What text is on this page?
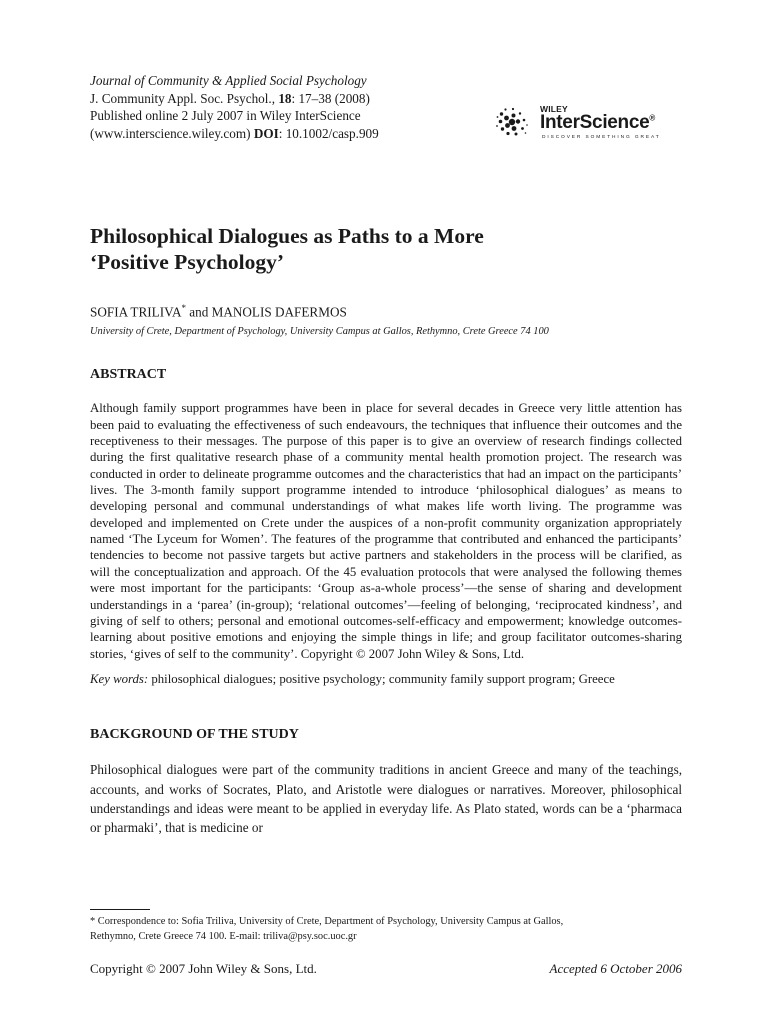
Journal of Community & Applied Social Psychology
J. Community Appl. Soc. Psychol., 18: 17–38 (2008)
Published online 2 July 2007 in Wiley InterScience
(www.interscience.wiley.com) DOI: 10.1002/casp.909
WILEY
InterScience®
DISCOVER SOMETHING GREAT
Philosophical Dialogues as Paths to a More
‘Positive Psychology’
SOFIA TRILIVA* and MANOLIS DAFERMOS
University of Crete, Department of Psychology, University Campus at Gallos, Rethymno, Crete Greece 74 100
ABSTRACT

Although family support programmes have been in place for several decades in Greece very little attention has been paid to evaluating the effectiveness of such endeavours, the techniques that influence their outcomes and the receptiveness to their messages. The purpose of this paper is to give an overview of research findings collected during the first qualitative research phase of a community mental health promotion project. The research was conducted in order to delineate programme outcomes and the characteristics that had an impact on the participants’ lives. The 3-month family support programme intended to introduce ‘philosophical dialogues’ as means to developing personal and communal understandings of what makes life worth living. The programme was developed and implemented on Crete under the auspices of a non-profit community organization appropriately named ‘The Lyceum for Women’. The features of the programme that contributed and enhanced the participants’ tendencies to become not passive targets but active partners and stakeholders in the process will be clarified, as will the conceptualization and approach. Of the 45 evaluation protocols that were analysed the following themes were most important for the participants: ‘Group as-a-whole process’—the sense of sharing and development understandings in a ‘parea’ (in-group); ‘relational outcomes’—feeling of belonging, ‘reciprocated kindness’, and giving of self to others; personal and emotional outcomes-self-efficacy and empowerment; knowledge outcomes-learning about positive emotions and enjoying the simple things in life; and group facilitator outcomes-sharing stories, ‘gives of self to the community’. Copyright © 2007 John Wiley & Sons, Ltd.

Key words: philosophical dialogues; positive psychology; community family support program; Greece

BACKGROUND OF THE STUDY

Philosophical dialogues were part of the community traditions in ancient Greece and many of the teachings, accounts, and works of Socrates, Plato, and Aristotle were dialogues or narratives. Moreover, philosophical understandings and ideas were meant to be applied in everyday life. As Plato stated, words can be a ‘pharmaca or pharmaki’, that is medicine or

* Correspondence to: Sofia Triliva, University of Crete, Department of Psychology, University Campus at Gallos,
Rethymno, Crete Greece 74 100. E-mail: triliva@psy.soc.uoc.gr
Copyright © 2007 John Wiley & Sons, Ltd.	Accepted 6 October 2006
